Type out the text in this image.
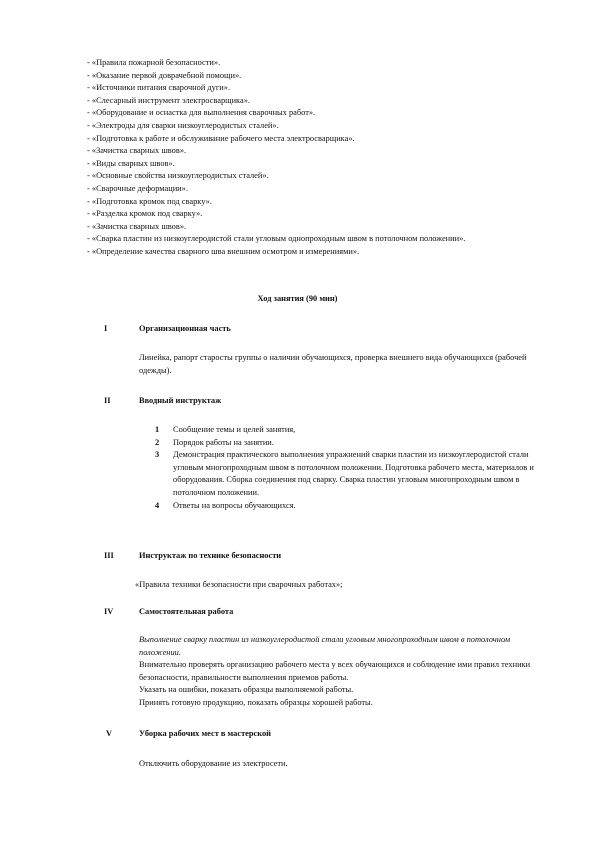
- «Правила пожарной безопасности».
- «Оказание первой доврачебной помощи».
- «Источники питания сварочной дуги».
- «Слесарный инструмент электросварщика».
- «Оборудование и оснастка для выполнения сварочных работ».
- «Электроды для сварки низкоуглеродистых сталей».
- «Подготовка к работе и обслуживание рабочего места электросварщика».
- «Зачистка сварных швов».
- «Виды сварных швов».
- «Основные свойства низкоуглеродистых сталей».
- «Сварочные деформации».
- «Подготовка кромок под сварку».
- «Разделка кромок под сварку».
- «Зачистка сварных швов».
- «Сварка пластин из низкоуглеродистой стали угловым однопроходным швом в потолочном положении».
- «Определение качества сварного шва внешним осмотром и измерениями».
Ход занятия (90 мин)
I	Организационная часть
Линейка, рапорт старосты группы о наличии обучающихся, проверка внешнего вида обучающихся (рабочей одежды).
II	Вводный инструктаж
1	Сообщение темы и целей занятия,
2	Порядок работы на занятии.
3	Демонстрация практического выполнения упражнений сварки пластин из низкоуглеродистой стали угловым многопроходным швом в потолочном положении. Подготовка рабочего места, материалов и оборудования. Сборка соединения под сварку. Сварка пластин угловым многопроходным швом в потолочном положении.
4	Ответы на вопросы обучающихся.
III	Инструктаж по технике безопасности
«Правила техники безопасности при сварочных работах»;
IV	Самостоятельная работа
Выполнение сварку пластин из низкоуглеродистой стали угловым многопроходным швом в потолочном положении.
Внимательно проверять организацию рабочего места у всех обучающихся и соблюдение ими правил техники безопасности, правильности выполнения приемов работы.
Указать на ошибки, показать образцы выполняемой работы.
Принять готовую продукцию, показать образцы хорошей работы.
V	Уборка рабочих мест в мастерской
Отключить оборудование из электросети.
